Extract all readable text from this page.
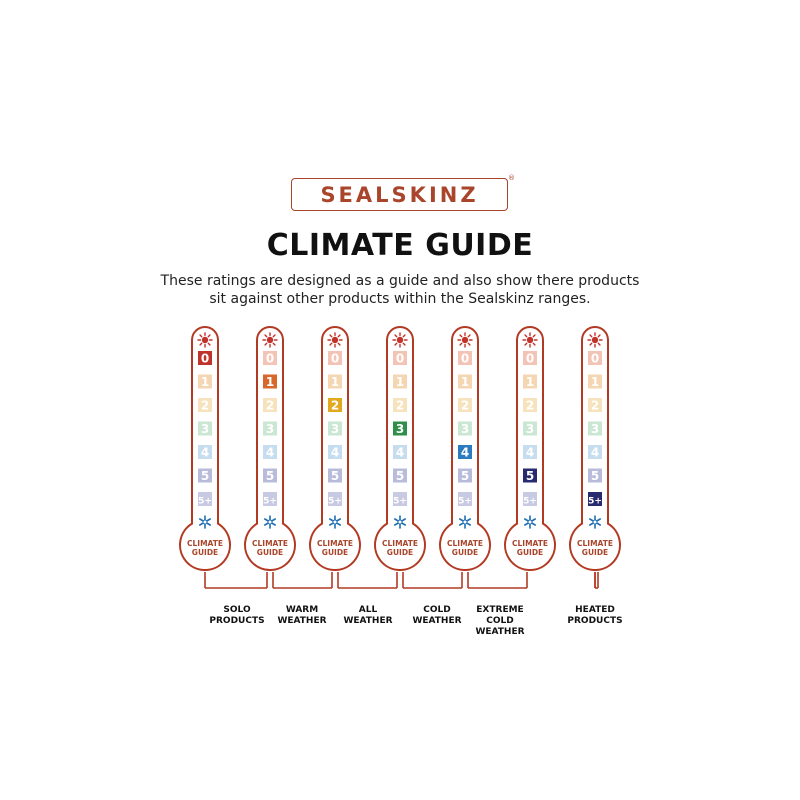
SEALSKINZ
®
CLIMATE GUIDE
These ratings are designed as a guide and also show there products
sit against other products within the Sealskinz ranges.
0
1
2
3
4
5
5+
CLIMATE
GUIDE
0
1
2
3
4
5
5+
CLIMATE
GUIDE
0
1
2
3
4
5
5+
CLIMATE
GUIDE
0
1
2
3
4
5
5+
CLIMATE
GUIDE
0
1
2
3
4
5
5+
CLIMATE
GUIDE
0
1
2
3
4
5
5+
CLIMATE
GUIDE
0
1
2
3
4
5
5+
CLIMATE
GUIDE
SOLO
PRODUCTS
WARM
WEATHER
ALL
WEATHER
COLD
WEATHER
EXTREME
COLD
WEATHER
HEATED
PRODUCTS
